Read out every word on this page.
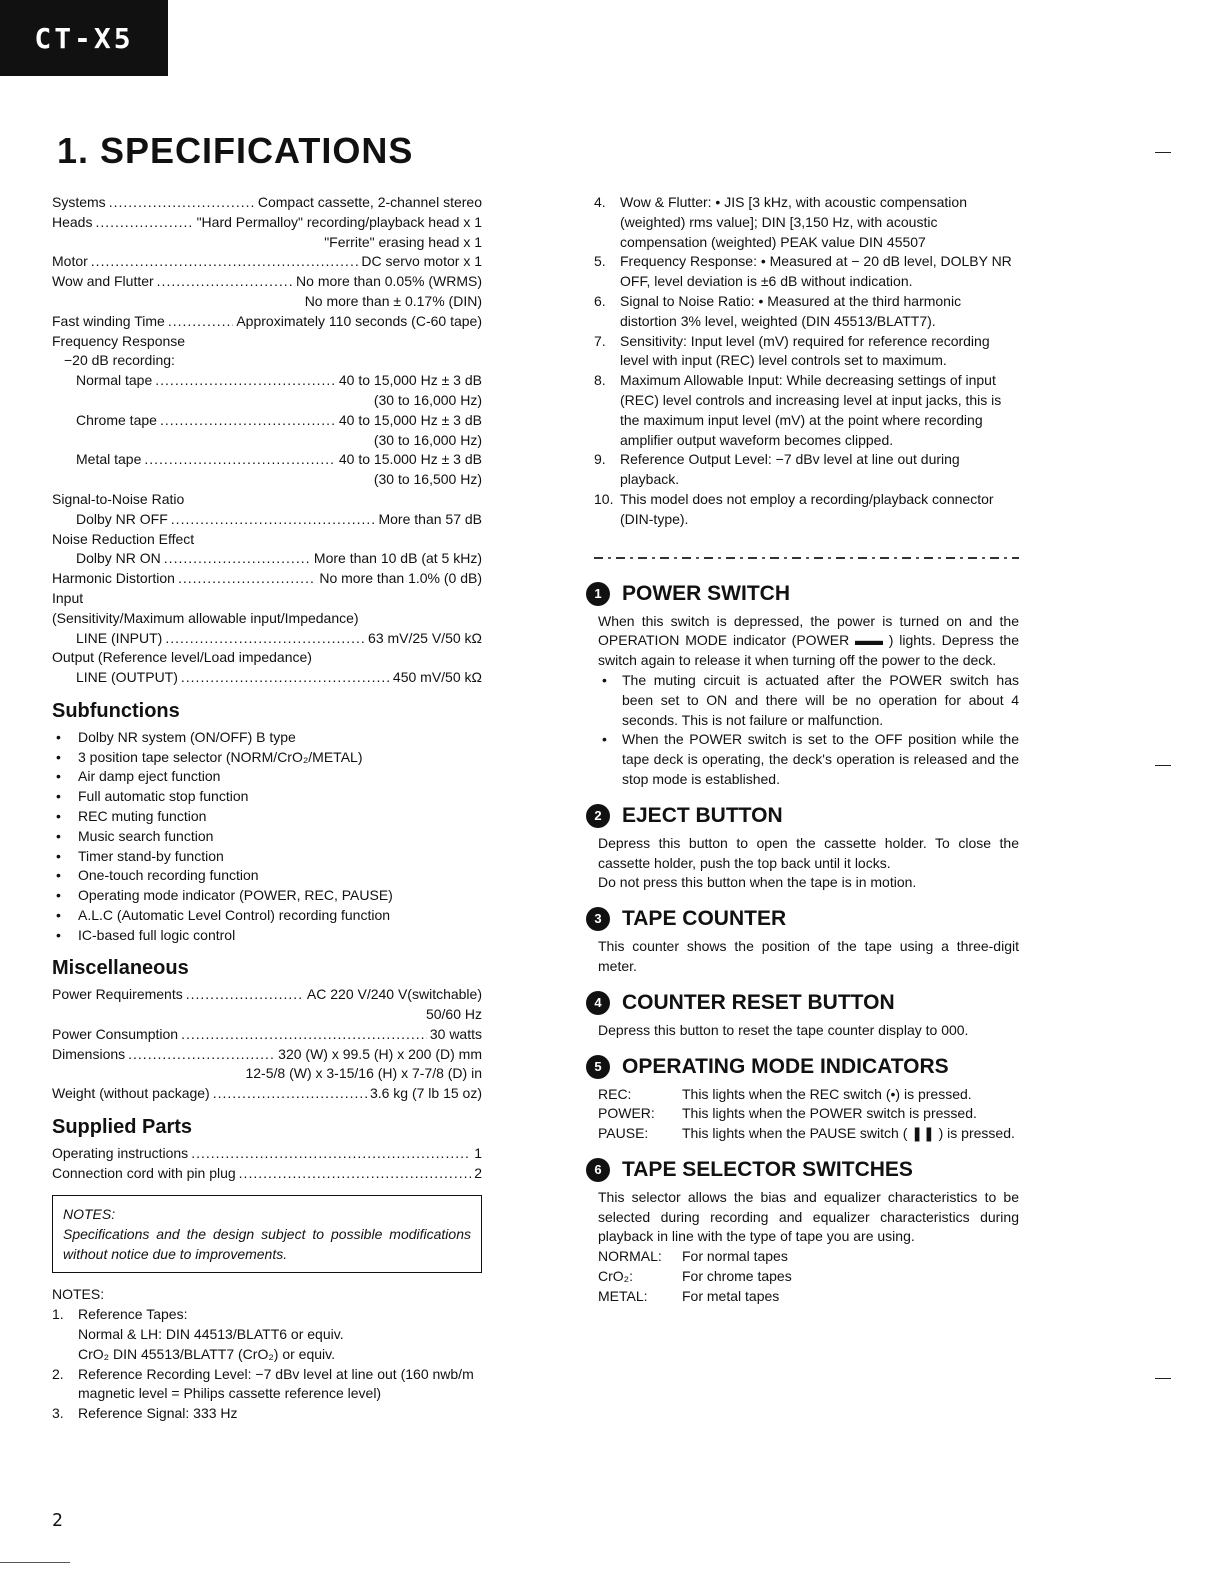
CT-X5
1. SPECIFICATIONS
Systems .....	Compact cassette, 2-channel stereo
Heads .....	"Hard Permalloy" recording/playback head x 1
"Ferrite" erasing head x 1
Motor .....	DC servo motor x 1
Wow and Flutter .....	No more than 0.05% (WRMS)
No more than ± 0.17% (DIN)
Fast winding Time .....	Approximately 110 seconds (C-60 tape)
Frequency Response
−20 dB recording:
Normal tape .....	40 to 15,000 Hz ± 3 dB
(30 to 16,000 Hz)
Chrome tape .....	40 to 15,000 Hz ± 3 dB
(30 to 16,000 Hz)
Metal tape .....	40 to 15.000 Hz ± 3 dB
(30 to 16,500 Hz)
Signal-to-Noise Ratio
Dolby NR OFF .....	More than 57 dB
Noise Reduction Effect
Dolby NR ON .....	More than 10 dB (at 5 kHz)
Harmonic Distortion .....	No more than 1.0% (0 dB)
Input
(Sensitivity/Maximum allowable input/Impedance)
LINE (INPUT) .....	63 mV/25 V/50 kΩ
Output (Reference level/Load impedance)
LINE (OUTPUT) .....	450 mV/50 kΩ
Subfunctions
• Dolby NR system (ON/OFF) B type
• 3 position tape selector (NORM/CrO₂/METAL)
• Air damp eject function
• Full automatic stop function
• REC muting function
• Music search function
• Timer stand-by function
• One-touch recording function
• Operating mode indicator (POWER, REC, PAUSE)
• A.L.C (Automatic Level Control) recording function
• IC-based full logic control
Miscellaneous
Power Requirements .....	AC 220 V/240 V(switchable)
50/60 Hz
Power Consumption .....	30 watts
Dimensions .....	320 (W) x 99.5 (H) x 200 (D) mm
12-5/8 (W) x 3-15/16 (H) x 7-7/8 (D) in
Weight (without package) .....	3.6 kg (7 lb 15 oz)
Supplied Parts
Operating instructions .....	1
Connection cord with pin plug .....	2
NOTES:
Specifications and the design subject to possible modifications without notice due to improvements.
NOTES:
1. Reference Tapes:
Normal & LH: DIN 44513/BLATT6 or equiv.
CrO₂ DIN 45513/BLATT7 (CrO₂) or equiv.
2. Reference Recording Level: −7 dBv level at line out (160 nwb/m magnetic level = Philips cassette reference level)
3. Reference Signal: 333 Hz
4. Wow & Flutter: • JIS [3 kHz, with acoustic compensation (weighted) rms value]; DIN [3,150 Hz, with acoustic compensation (weighted) PEAK value DIN 45507
5. Frequency Response: • Measured at − 20 dB level, DOLBY NR OFF, level deviation is ±6 dB without indication.
6. Signal to Noise Ratio: • Measured at the third harmonic distortion 3% level, weighted (DIN 45513/BLATT7).
7. Sensitivity: Input level (mV) required for reference recording level with input (REC) level controls set to maximum.
8. Maximum Allowable Input: While decreasing settings of input (REC) level controls and increasing level at input jacks, this is the maximum input level (mV) at the point where recording amplifier output waveform becomes clipped.
9. Reference Output Level: −7 dBv level at line out during playback.
10. This model does not employ a recording/playback connector (DIN-type).
1 POWER SWITCH

When this switch is depressed, the power is turned on and the OPERATION MODE indicator (POWER ▬▬ ) lights. Depress the switch again to release it when turning off the power to the deck.

• The muting circuit is actuated after the POWER switch has been set to ON and there will be no operation for about 4 seconds. This is not failure or malfunction.
• When the POWER switch is set to the OFF position while the tape deck is operating, the deck's operation is released and the stop mode is established.
2 EJECT BUTTON

Depress this button to open the cassette holder. To close the cassette holder, push the top back until it locks.

Do not press this button when the tape is in motion.

3 TAPE COUNTER

This counter shows the position of the tape using a three-digit meter.

4 COUNTER RESET BUTTON

Depress this button to reset the tape counter display to 000.

5 OPERATING MODE INDICATORS
REC:	This lights when the REC switch (•) is pressed.
POWER:	This lights when the POWER switch is pressed.
PAUSE:	This lights when the PAUSE switch ( ❚❚ ) is pressed.
6 TAPE SELECTOR SWITCHES

This selector allows the bias and equalizer characteristics to be selected during recording and equalizer characteristics during playback in line with the type of tape you are using.

NORMAL:	For normal tapes
CrO₂:	For chrome tapes
METAL:	For metal tapes
2
